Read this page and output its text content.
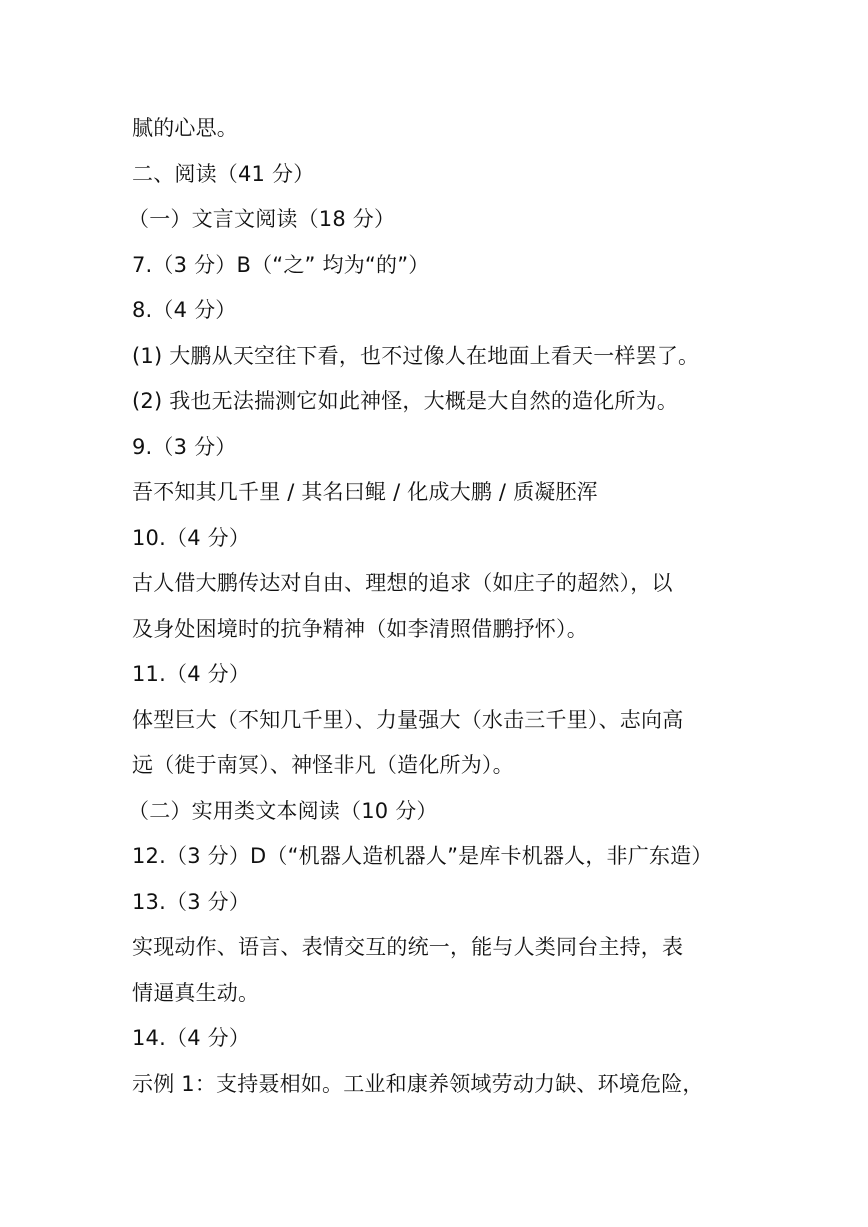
腻的心思。
二、阅读（41 分）
（一）文言文阅读（18 分）
7.（3 分）B（“之” 均为“的”）
8.（4 分）
(1) 大鹏从天空往下看，也不过像人在地面上看天一样罢了。
(2) 我也无法揣测它如此神怪，大概是大自然的造化所为。
9.（3 分）
吾不知其几千里 / 其名曰鲲 / 化成大鹏 / 质凝胚浑
10.（4 分）
古人借大鹏传达对自由、理想的追求（如庄子的超然），以
及身处困境时的抗争精神（如李清照借鹏抒怀）。
11.（4 分）
体型巨大（不知几千里）、力量强大（水击三千里）、志向高
远（徙于南冥）、神怪非凡（造化所为）。
（二）实用类文本阅读（10 分）
12.（3 分）D（“机器人造机器人”是库卡机器人，非广东造）
13.（3 分）
实现动作、语言、表情交互的统一，能与人类同台主持，表
情逼真生动。
14.（4 分）
示例 1：支持聂相如。工业和康养领域劳动力缺、环境危险，
